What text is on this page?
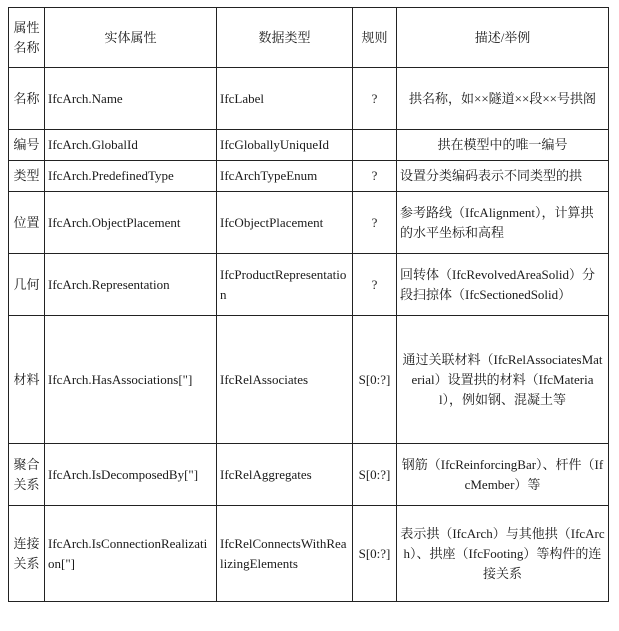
属性名称	实体属性	数据类型	规则	描述/举例
名称	IfcArch.Name	IfcLabel	?	拱名称，如××隧道××段××号拱阁

编号	IfcArch.GlobalId	IfcGloballyUniqueId		拱在模型中的唯一编号

类型	IfcArch.PredefinedType	IfcArchTypeEnum	?	设置分类编码表示不同类型的拱
位置	IfcArch.ObjectPlacement	IfcObjectPlacement	?	参考路线（IfcAlignment），计算拱的水平坐标和高程
几何	IfcArch.Representation	IfcProductRepresentation	?	回转体（IfcRevolvedAreaSolid）分段扫掠体（IfcSectionedSolid）
材料	IfcArch.HasAssociations["]	IfcRelAssociates	S[0:?]	通过关联材料（IfcRelAssociatesMaterial）设置拱的材料（IfcMaterial），例如钢、混凝土等

聚合关系	IfcArch.IsDecomposedBy["]	IfcRelAggregates	S[0:?]	钢筋（IfcReinforcingBar）、杆件（IfcMember）等

连接关系	IfcArch.IsConnectionRealization["]	IfcRelConnectsWithRealizingElements	S[0:?]	表示拱（IfcArch）与其他拱（IfcArch）、拱座（IfcFooting）等构件的连接关系
